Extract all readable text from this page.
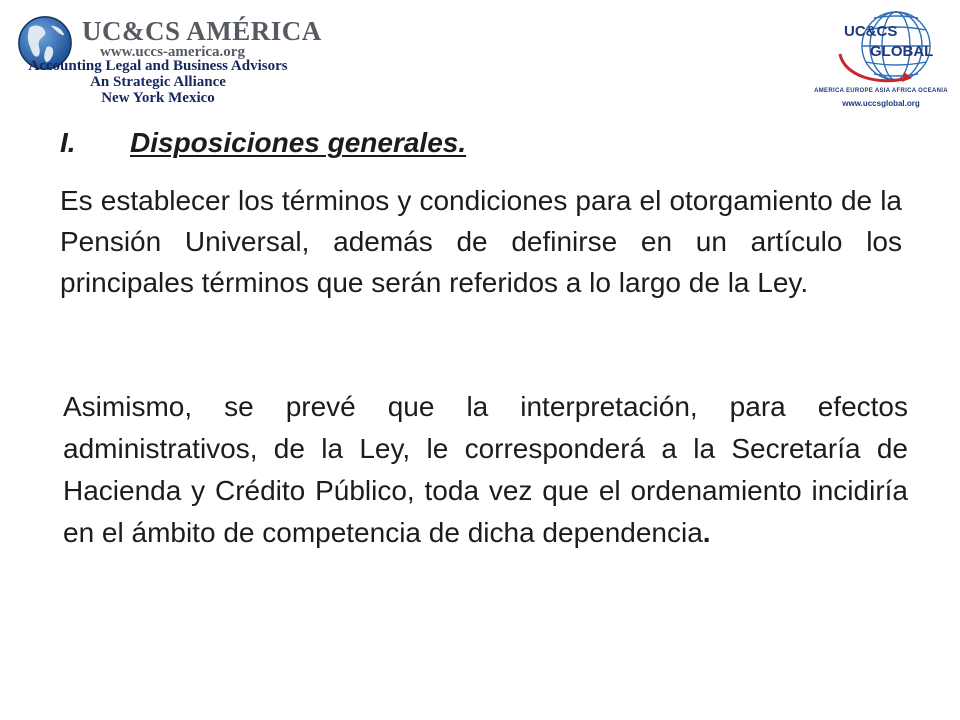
UC&CS AMÉRICA
www.uccs-america.org
Accounting Legal and Business Advisors
An Strategic Alliance
New York Mexico
UC&CS
GLOBAL
AMERICA EUROPE ASIA AFRICA OCEANIA
www.uccsglobal.org
I. Disposiciones generales.
Es establecer los términos y condiciones para el otorgamiento de la Pensión Universal, además de definirse en un artículo los principales términos que serán referidos a lo largo de la Ley.
Asimismo, se prevé que la interpretación, para efectos administrativos, de la Ley, le corresponderá a la Secretaría de Hacienda y Crédito Público, toda vez que el ordenamiento incidiría en el ámbito de competencia de dicha dependencia.
